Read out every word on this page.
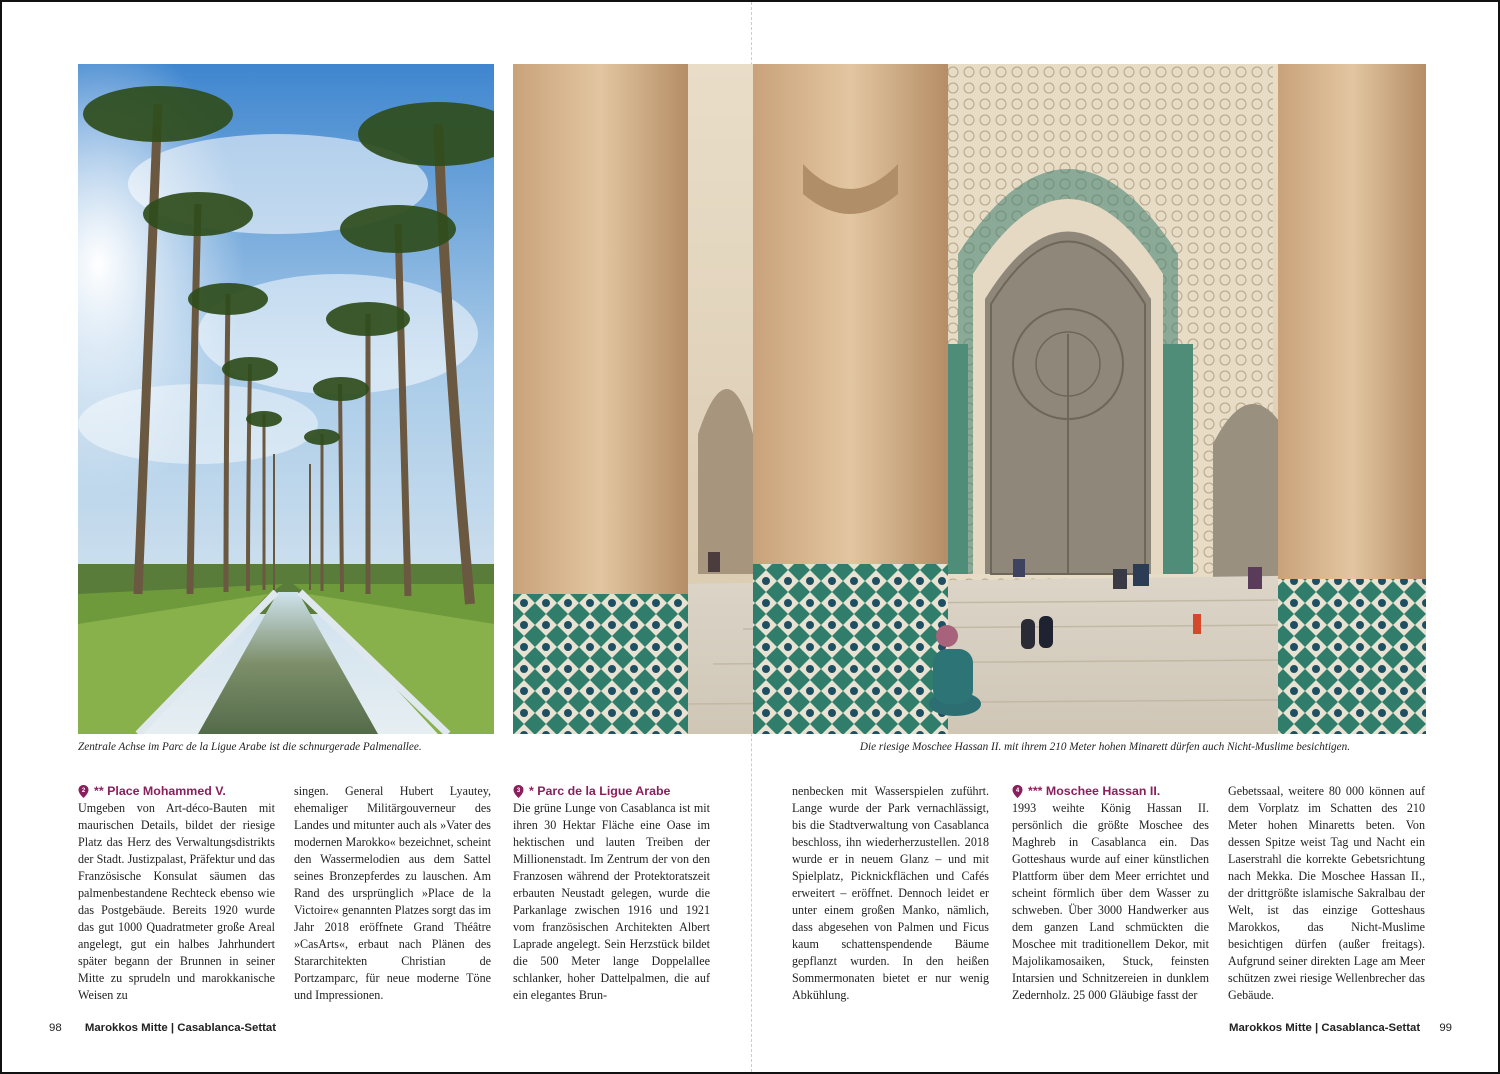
Zentrale Achse im Parc de la Ligue Arabe ist die schnurgerade Palmenallee.	Die riesige Moschee Hassan II. mit ihrem 210 Meter hohen Minarett dürfen auch Nicht-Muslime besichtigen.
2 ** Place Mohammed V.

Umgeben von Art-déco-Bauten mit maurischen Details, bildet der riesige Platz das Herz des Verwaltungsdistrikts der Stadt. Justizpalast, Präfektur und das Französische Konsulat säumen das palmenbestandene Rechteck ebenso wie das Postgebäude. Bereits 1920 wurde das gut 1000 Quadratmeter große Areal angelegt, gut ein halbes Jahrhundert später begann der Brunnen in seiner Mitte zu sprudeln und marokkanische Weisen zu

singen. General Hubert Lyautey, ehemaliger Militärgouverneur des Landes und mitunter auch als »Vater des modernen Marokko« bezeichnet, scheint den Wassermelodien aus dem Sattel seines Bronzepferdes zu lauschen. Am Rand des ursprünglich »Place de la Victoire« genannten Platzes sorgt das im Jahr 2018 eröffnete Grand Théâtre »CasArts«, erbaut nach Plänen des Stararchitekten Christian de Portzamparc, für neue moderne Töne und Impressionen.

3 * Parc de la Ligue Arabe

Die grüne Lunge von Casablanca ist mit ihren 30 Hektar Fläche eine Oase im hektischen und lauten Treiben der Millionenstadt. Im Zentrum der von den Franzosen während der Protektoratszeit erbauten Neustadt gelegen, wurde die Parkanlage zwischen 1916 und 1921 vom französischen Architekten Albert Laprade angelegt. Sein Herzstück bildet die 500 Meter lange Doppelallee schlanker, hoher Dattelpalmen, die auf ein elegantes Brun-

nenbecken mit Wasserspielen zuführt. Lange wurde der Park vernachlässigt, bis die Stadtverwaltung von Casablanca beschloss, ihn wiederherzustellen. 2018 wurde er in neuem Glanz – und mit Spielplatz, Picknickflächen und Cafés erweitert – eröffnet. Dennoch leidet er unter einem großen Manko, nämlich, dass abgesehen von Palmen und Ficus kaum schattenspendende Bäume gepflanzt wurden. In den heißen Sommermonaten bietet er nur wenig Abkühlung.

4 *** Moschee Hassan II.

1993 weihte König Hassan II. persönlich die größte Moschee des Maghreb in Casablanca ein. Das Gotteshaus wurde auf einer künstlichen Plattform über dem Meer errichtet und scheint förmlich über dem Wasser zu schweben. Über 3000 Handwerker aus dem ganzen Land schmückten die Moschee mit traditionellem Dekor, mit Majolikamosaiken, Stuck, feinsten Intarsien und Schnitzereien in dunklem Zedernholz. 25 000 Gläubige fasst der

Gebetssaal, weitere 80 000 können auf dem Vorplatz im Schatten des 210 Meter hohen Minaretts beten. Von dessen Spitze weist Tag und Nacht ein Laserstrahl die korrekte Gebetsrichtung nach Mekka. Die Moschee Hassan II., der drittgrößte islamische Sakralbau der Welt, ist das einzige Gotteshaus Marokkos, das Nicht-Muslime besichtigen dürfen (außer freitags). Aufgrund seiner direkten Lage am Meer schützen zwei riesige Wellenbrecher das Gebäude.

98 Marokkos Mitte | Casablanca-Settat	Marokkos Mitte | Casablanca-Settat 99
